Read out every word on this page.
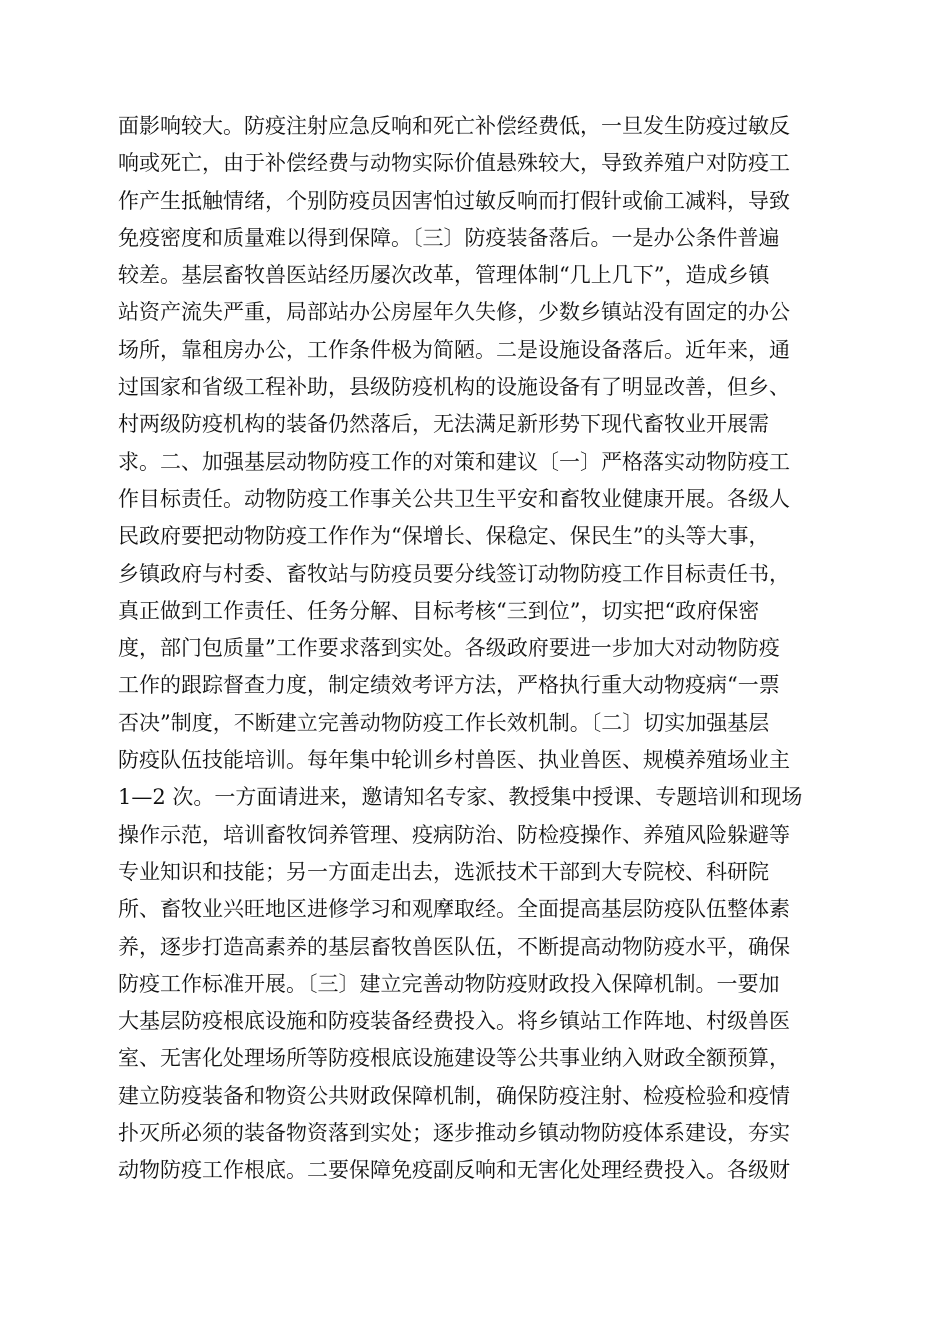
面影响较大。防疫注射应急反响和死亡补偿经费低，一旦发生防疫过敏反
响或死亡，由于补偿经费与动物实际价值悬殊较大，导致养殖户对防疫工
作产生抵触情绪，个别防疫员因害怕过敏反响而打假针或偷工减料，导致
免疫密度和质量难以得到保障。〔三〕防疫装备落后。一是办公条件普遍
较差。基层畜牧兽医站经历屡次改革，管理体制“几上几下”，造成乡镇
站资产流失严重，局部站办公房屋年久失修，少数乡镇站没有固定的办公
场所，靠租房办公，工作条件极为简陋。二是设施设备落后。近年来，通
过国家和省级工程补助，县级防疫机构的设施设备有了明显改善，但乡、
村两级防疫机构的装备仍然落后，无法满足新形势下现代畜牧业开展需
求。二、加强基层动物防疫工作的对策和建议〔一〕严格落实动物防疫工
作目标责任。动物防疫工作事关公共卫生平安和畜牧业健康开展。各级人
民政府要把动物防疫工作作为“保增长、保稳定、保民生”的头等大事，
乡镇政府与村委、畜牧站与防疫员要分线签订动物防疫工作目标责任书，
真正做到工作责任、任务分解、目标考核“三到位”，切实把“政府保密
度，部门包质量”工作要求落到实处。各级政府要进一步加大对动物防疫
工作的跟踪督查力度，制定绩效考评方法，严格执行重大动物疫病“一票
否决”制度，不断建立完善动物防疫工作长效机制。〔二〕切实加强基层
防疫队伍技能培训。每年集中轮训乡村兽医、执业兽医、规模养殖场业主
1—2 次。一方面请进来，邀请知名专家、教授集中授课、专题培训和现场
操作示范，培训畜牧饲养管理、疫病防治、防检疫操作、养殖风险躲避等
专业知识和技能；另一方面走出去，选派技术干部到大专院校、科研院
所、畜牧业兴旺地区进修学习和观摩取经。全面提高基层防疫队伍整体素
养，逐步打造高素养的基层畜牧兽医队伍，不断提高动物防疫水平，确保
防疫工作标准开展。〔三〕建立完善动物防疫财政投入保障机制。一要加
大基层防疫根底设施和防疫装备经费投入。将乡镇站工作阵地、村级兽医
室、无害化处理场所等防疫根底设施建设等公共事业纳入财政全额预算，
建立防疫装备和物资公共财政保障机制，确保防疫注射、检疫检验和疫情
扑灭所必须的装备物资落到实处；逐步推动乡镇动物防疫体系建设，夯实
动物防疫工作根底。二要保障免疫副反响和无害化处理经费投入。各级财
